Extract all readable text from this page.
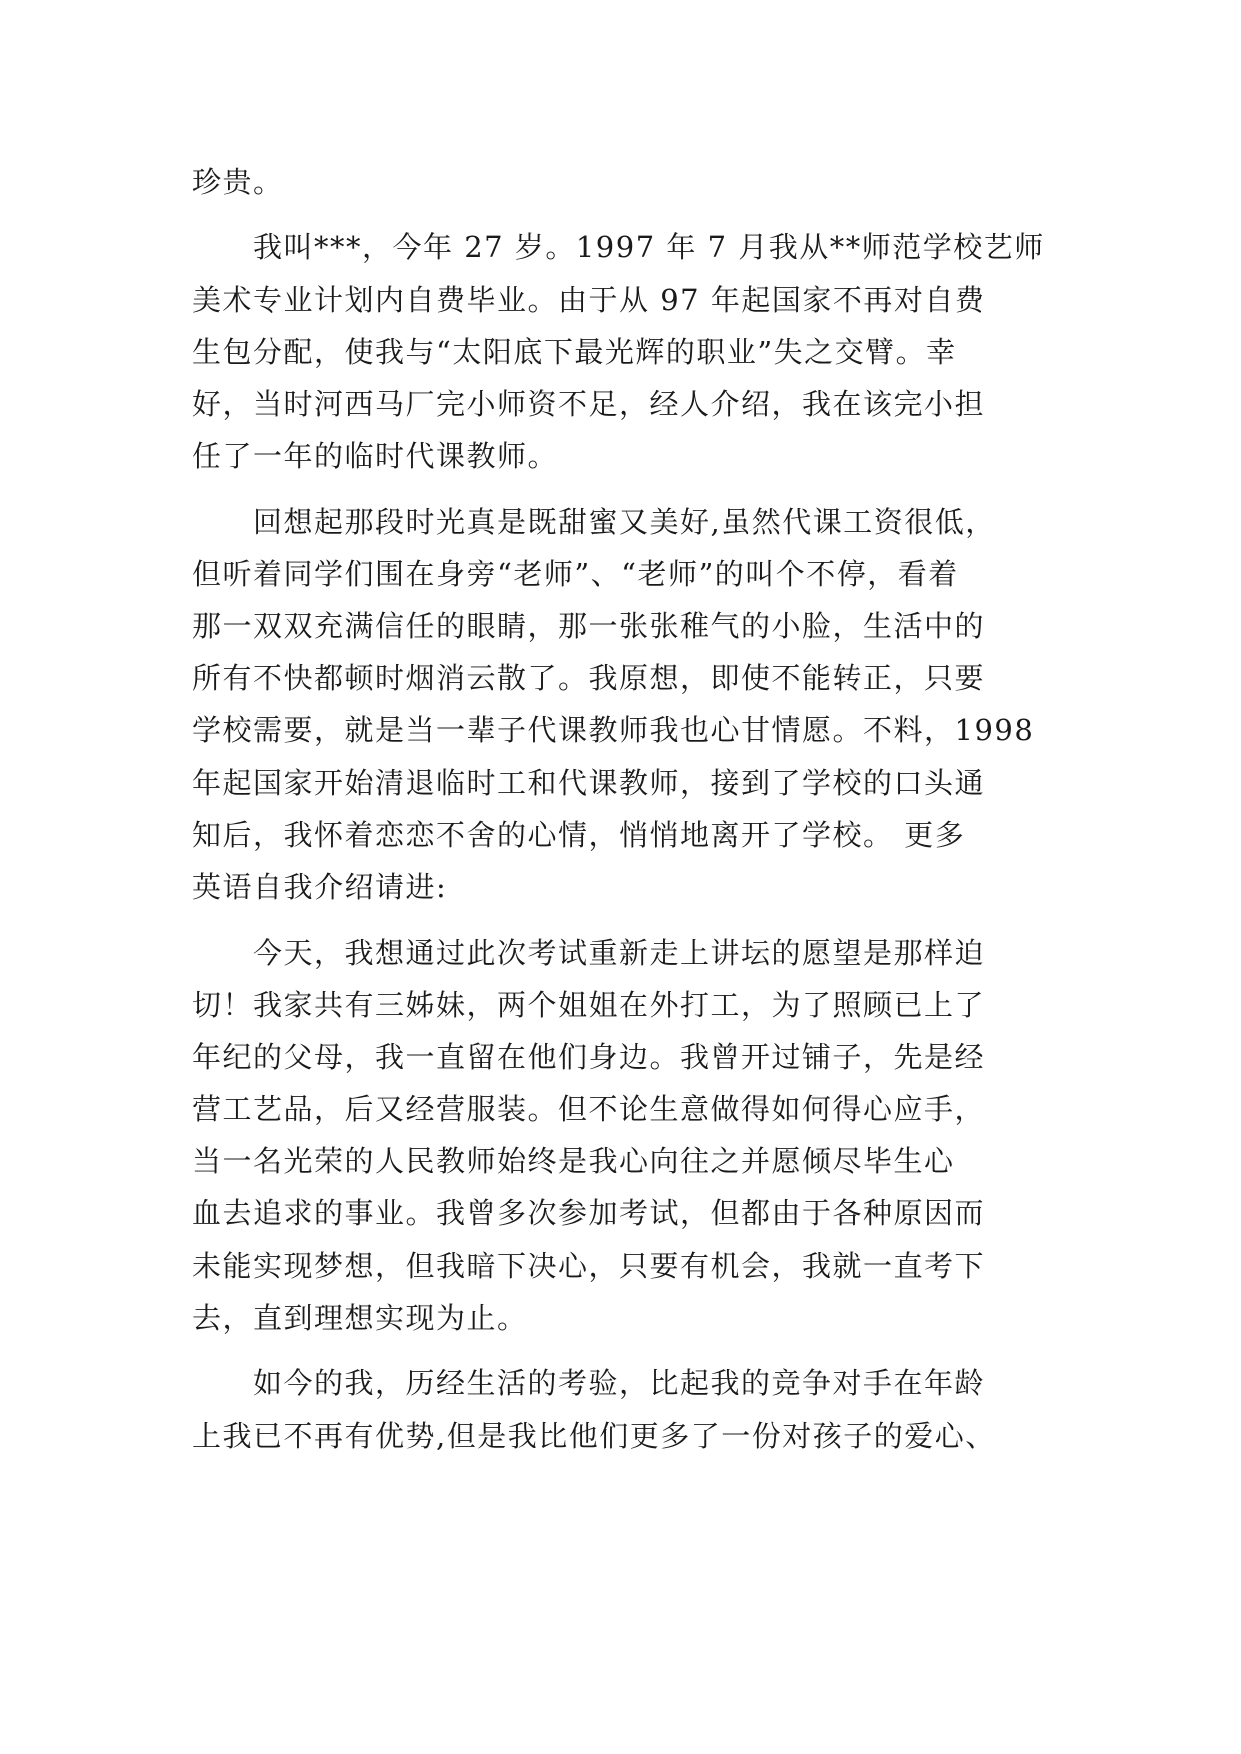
珍贵。
　　我叫***，今年 27 岁。1997 年 7 月我从**师范学校艺师
美术专业计划内自费毕业。由于从 97 年起国家不再对自费
生包分配，使我与“太阳底下最光辉的职业”失之交臂。幸
好，当时河西马厂完小师资不足，经人介绍，我在该完小担
任了一年的临时代课教师。
　　回想起那段时光真是既甜蜜又美好,虽然代课工资很低，
但听着同学们围在身旁“老师”、“老师”的叫个不停，看着
那一双双充满信任的眼睛，那一张张稚气的小脸，生活中的
所有不快都顿时烟消云散了。我原想，即使不能转正，只要
学校需要，就是当一辈子代课教师我也心甘情愿。不料，1998
年起国家开始清退临时工和代课教师，接到了学校的口头通
知后，我怀着恋恋不舍的心情，悄悄地离开了学校。 更多
英语自我介绍请进:
　　今天，我想通过此次考试重新走上讲坛的愿望是那样迫
切！我家共有三姊妹，两个姐姐在外打工，为了照顾已上了
年纪的父母，我一直留在他们身边。我曾开过铺子，先是经
营工艺品，后又经营服装。但不论生意做得如何得心应手，
当一名光荣的人民教师始终是我心向往之并愿倾尽毕生心
血去追求的事业。我曾多次参加考试，但都由于各种原因而
未能实现梦想，但我暗下决心，只要有机会，我就一直考下
去，直到理想实现为止。
　　如今的我，历经生活的考验，比起我的竞争对手在年龄
上我已不再有优势,但是我比他们更多了一份对孩子的爱心、
